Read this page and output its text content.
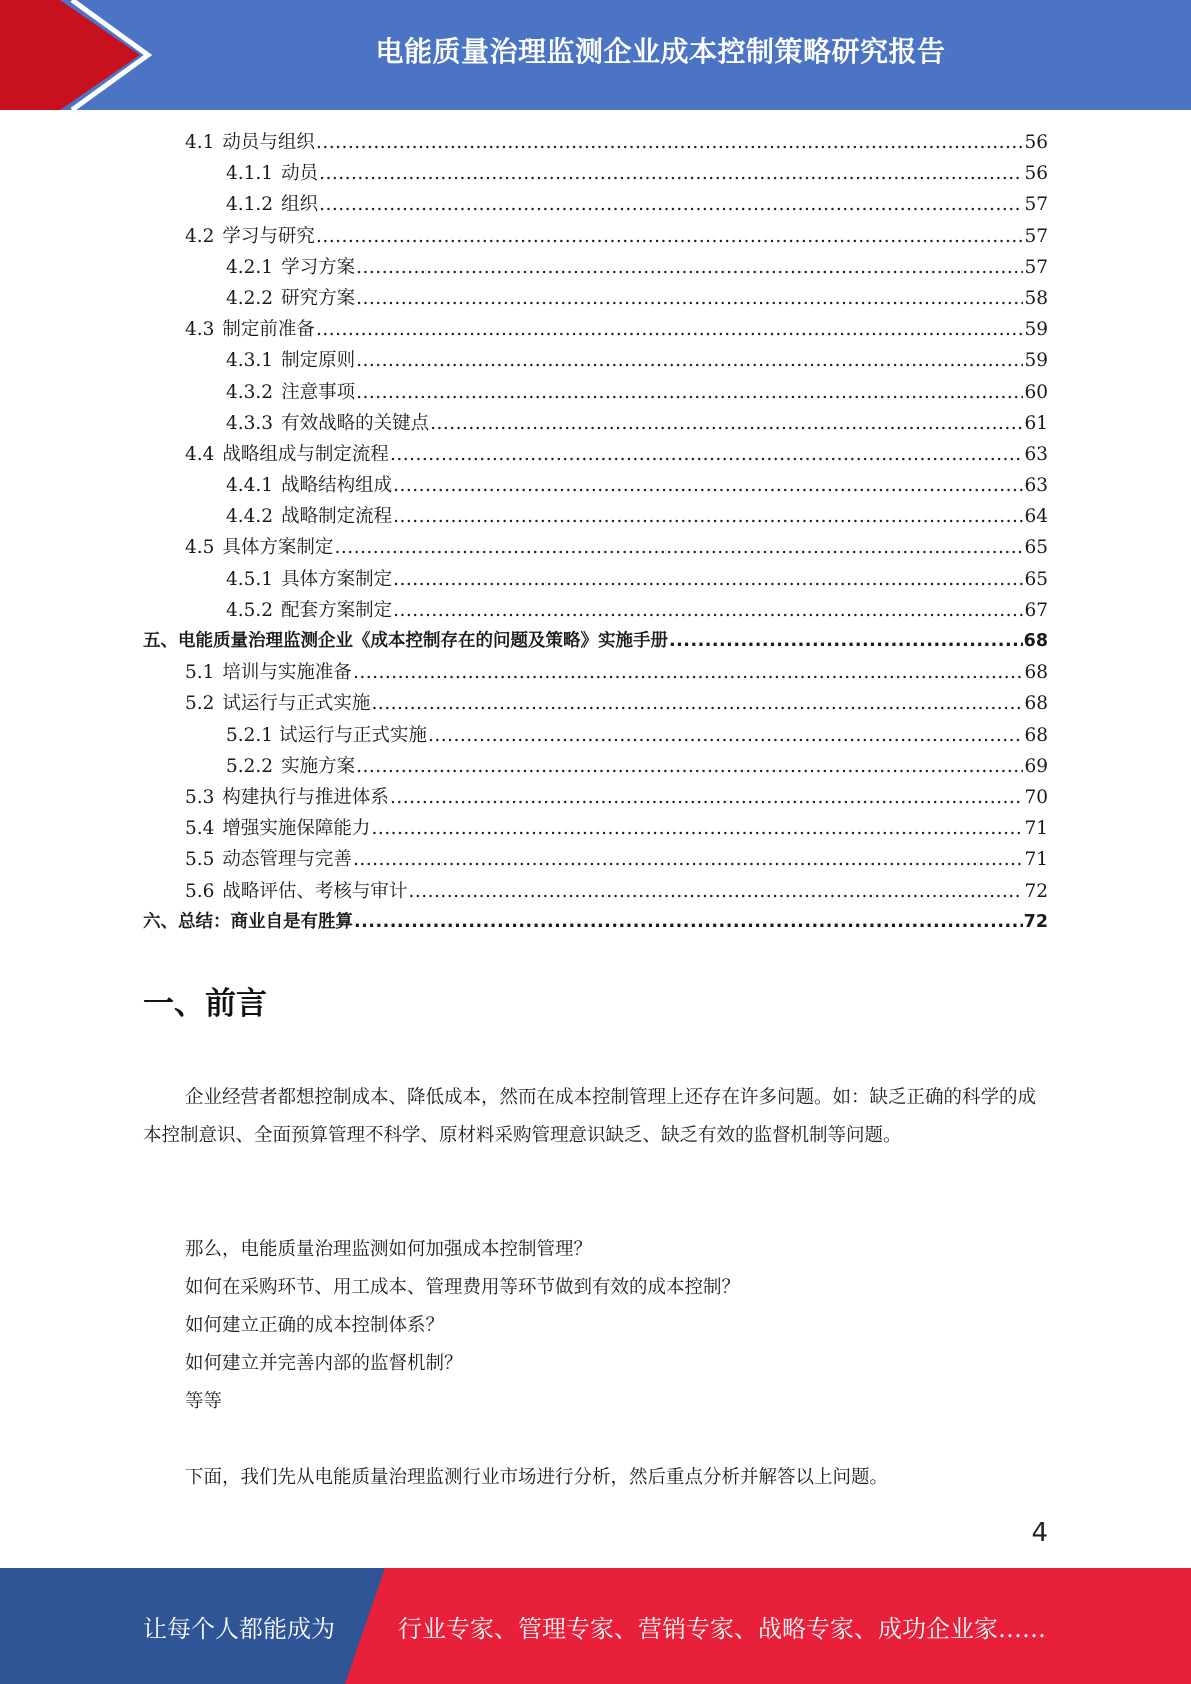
电能质量治理监测企业成本控制策略研究报告
4.1 动员与组织 .....	56
4.1.1 动员 .....	56
4.1.2 组织 .....	57
4.2 学习与研究 .....	57
4.2.1 学习方案 .....	57
4.2.2 研究方案 .....	58
4.3 制定前准备 .....	59
4.3.1 制定原则 .....	59
4.3.2 注意事项 .....	60
4.3.3 有效战略的关键点 .....	61
4.4 战略组成与制定流程 .....	63
4.4.1 战略结构组成 .....	63
4.4.2 战略制定流程 .....	64
4.5 具体方案制定 .....	65
4.5.1 具体方案制定 .....	65
4.5.2 配套方案制定 .....	67
五、电能质量治理监测企业《成本控制存在的问题及策略》实施手册 .....	68
5.1 培训与实施准备 .....	68
5.2 试运行与正式实施 .....	68
5.2.1 试运行与正式实施 .....	68
5.2.2 实施方案 .....	69
5.3 构建执行与推进体系 .....	70
5.4 增强实施保障能力 .....	71
5.5 动态管理与完善 .....	71
5.6 战略评估、考核与审计 .....	72
六、总结：商业自是有胜算 .....	72
一、前言

企业经营者都想控制成本、降低成本，然而在成本控制管理上还存在许多问题。如：缺乏正确的科学的成本控制意识、全面预算管理不科学、原材料采购管理意识缺乏、缺乏有效的监督机制等问题。

那么，电能质量治理监测如何加强成本控制管理？

如何在采购环节、用工成本、管理费用等环节做到有效的成本控制？

如何建立正确的成本控制体系？

如何建立并完善内部的监督机制？

等等

下面，我们先从电能质量治理监测行业市场进行分析，然后重点分析并解答以上问题。

4
让每个人都能成为	行业专家、管理专家、营销专家、战略专家、成功企业家……
